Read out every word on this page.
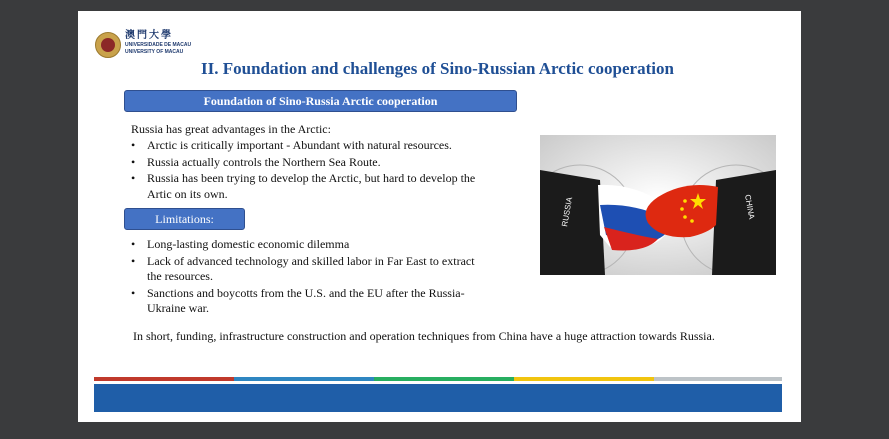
澳門大學
UNIVERSIDADE DE MACAU
UNIVERSITY OF MACAU
II. Foundation and challenges of Sino-Russian Arctic cooperation
Foundation of Sino-Russia Arctic cooperation
Russia has great advantages in the Arctic:
• Arctic is critically important - Abundant with natural resources.
• Russia actually controls the Northern Sea Route.
• Russia has been trying to develop the Arctic, but hard to develop the Artic on its own.
Limitations:
• Long-lasting domestic economic dilemma
• Lack of advanced technology and skilled labor in Far East to extract the resources.
• Sanctions and boycotts from the U.S. and the EU after the Russia-Ukraine war.
In short, funding, infrastructure construction and operation techniques from China have a huge attraction towards Russia.
RUSSIA	CHINA
